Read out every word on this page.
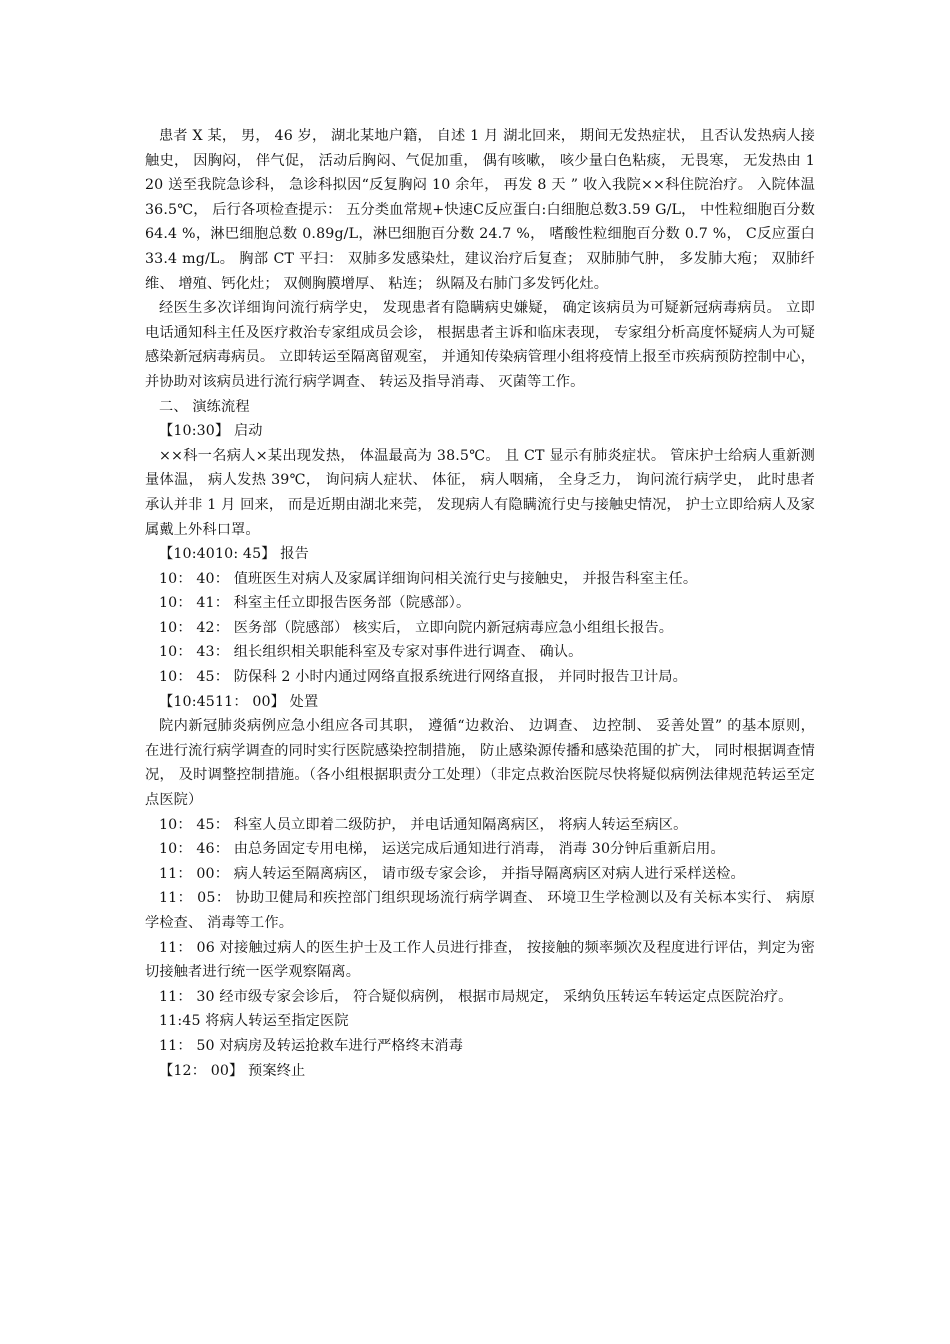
患者 X 某， 男， 46 岁， 湖北某地户籍， 自述 1 月 湖北回来， 期间无发热症状， 且否认发热病人接触史， 因胸闷， 伴气促， 活动后胸闷、气促加重， 偶有咳嗽， 咳少量白色粘痰， 无畏寒， 无发热由 120 送至我院急诊科， 急诊科拟因“反复胸闷 10 余年， 再发 8 天 ” 收入我院××科住院治疗。 入院体温 36.5℃， 后行各项检查提示： 五分类血常规+快速C反应蛋白:白细胞总数3.59 G/L， 中性粒细胞百分数64.4 %，淋巴细胞总数 0.89g/L，淋巴细胞百分数 24.7 %， 嗜酸性粒细胞百分数 0.7 %， C反应蛋白 33.4 mg/L。 胸部 CT 平扫： 双肺多发感染灶，建议治疗后复查； 双肺肺气肿， 多发肺大疱； 双肺纤维、 增殖、钙化灶； 双侧胸膜增厚、 粘连； 纵隔及右肺门多发钙化灶。

经医生多次详细询问流行病学史， 发现患者有隐瞒病史嫌疑， 确定该病员为可疑新冠病毒病员。 立即电话通知科主任及医疗救治专家组成员会诊， 根据患者主诉和临床表现， 专家组分析高度怀疑病人为可疑感染新冠病毒病员。 立即转运至隔离留观室， 并通知传染病管理小组将疫情上报至市疾病预防控制中心， 并协助对该病员进行流行病学调查、 转运及指导消毒、 灭菌等工作。

二、 演练流程

【10:30】 启动

××科一名病人×某出现发热， 体温最高为 38.5℃。 且 CT 显示有肺炎症状。 管床护士给病人重新测量体温， 病人发热 39℃， 询问病人症状、 体征， 病人咽痛， 全身乏力， 询问流行病学史， 此时患者承认并非 1 月 回来， 而是近期由湖北来莞， 发现病人有隐瞒流行史与接触史情况， 护士立即给病人及家属戴上外科口罩。

【10:4010: 45】 报告

10： 40： 值班医生对病人及家属详细询问相关流行史与接触史， 并报告科室主任。

10： 41： 科室主任立即报告医务部（院感部）。

10： 42： 医务部（院感部） 核实后， 立即向院内新冠病毒应急小组组长报告。

10： 43： 组长组织相关职能科室及专家对事件进行调查、 确认。

10： 45： 防保科 2 小时内通过网络直报系统进行网络直报， 并同时报告卫计局。

【10:4511： 00】 处置

院内新冠肺炎病例应急小组应各司其职， 遵循“边救治、 边调查、 边控制、 妥善处置” 的基本原则， 在进行流行病学调查的同时实行医院感染控制措施， 防止感染源传播和感染范围的扩大， 同时根据调查情况， 及时调整控制措施。（各小组根据职责分工处理）（非定点救治医院尽快将疑似病例法律规范转运至定点医院）

10： 45： 科室人员立即着二级防护， 并电话通知隔离病区， 将病人转运至病区。

10： 46： 由总务固定专用电梯， 运送完成后通知进行消毒， 消毒 30分钟后重新启用。

11： 00： 病人转运至隔离病区， 请市级专家会诊， 并指导隔离病区对病人进行采样送检。

11： 05： 协助卫健局和疾控部门组织现场流行病学调查、 环境卫生学检测以及有关标本实行、 病原学检查、 消毒等工作。

11： 06 对接触过病人的医生护士及工作人员进行排查， 按接触的频率频次及程度进行评估，判定为密切接触者进行统一医学观察隔离。

11： 30 经市级专家会诊后， 符合疑似病例， 根据市局规定， 采纳负压转运车转运定点医院治疗。

11:45 将病人转运至指定医院

11： 50 对病房及转运抢救车进行严格终末消毒

【12： 00】 预案终止
